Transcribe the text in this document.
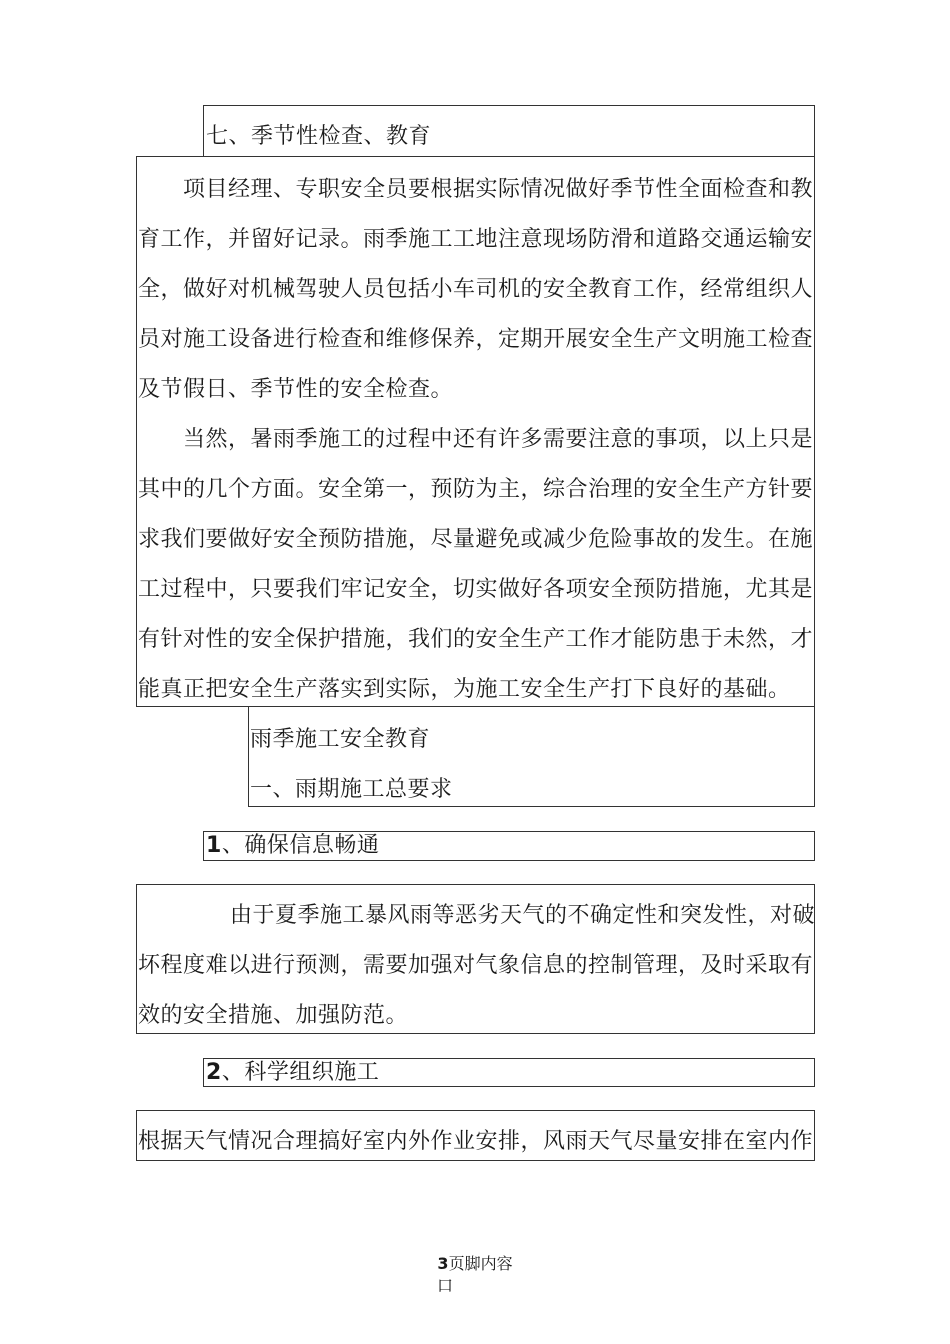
七、季节性检查、教育
项目经理、专职安全员要根据实际情况做好季节性全面检查和教
育工作，并留好记录。雨季施工工地注意现场防滑和道路交通运输安
全，做好对机械驾驶人员包括小车司机的安全教育工作，经常组织人
员对施工设备进行检查和维修保养，定期开展安全生产文明施工检查
及节假日、季节性的安全检查。
当然，暑雨季施工的过程中还有许多需要注意的事项，以上只是
其中的几个方面。安全第一，预防为主，综合治理的安全生产方针要
求我们要做好安全预防措施，尽量避免或减少危险事故的发生。在施
工过程中，只要我们牢记安全，切实做好各项安全预防措施，尤其是
有针对性的安全保护措施，我们的安全生产工作才能防患于未然，才
能真正把安全生产落实到实际，为施工安全生产打下良好的基础。
雨季施工安全教育
一、雨期施工总要求
1、确保信息畅通
由于夏季施工暴风雨等恶劣天气的不确定性和突发性，对破
坏程度难以进行预测，需要加强对气象信息的控制管理，及时采取有
效的安全措施、加强防范。
2、科学组织施工
根据天气情况合理搞好室内外作业安排，风雨天气尽量安排在室内作
3页脚内容
口
